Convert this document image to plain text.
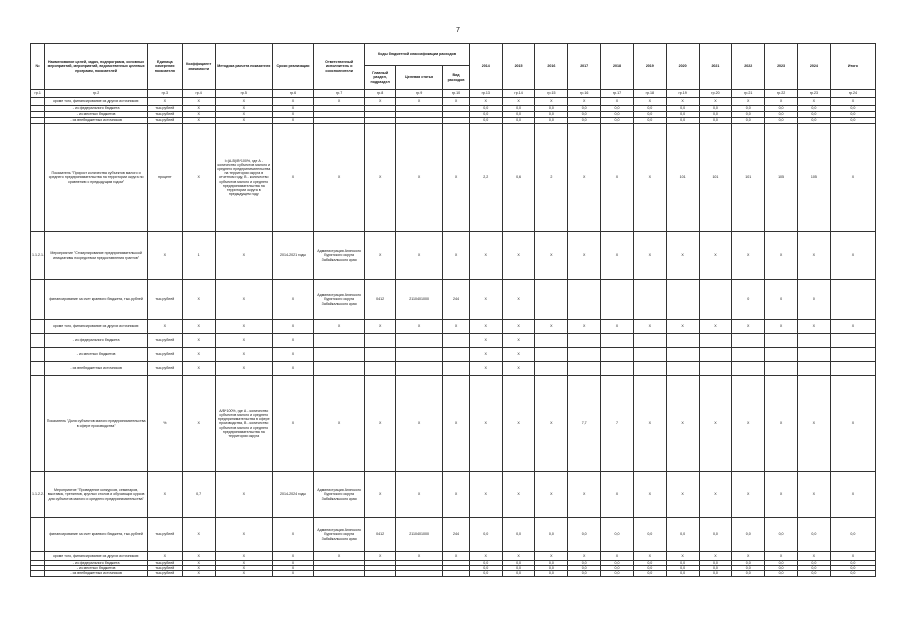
7
№	Наименование целей, задач, подпрограмм, основных мероприятий, мероприятий, ведомственных целевых программ, показателей	Единица измерения показателя	Коэффициент значимости	Методика расчета показателя	Сроки реализации	Ответственный исполнитель и соисполнители	Коды бюджетной классификации расходов			2014	2015	2016	2017	2018	2019	2020	2021	2022	2023	2024	Итого
							Главный раздел, подраздел	Целевая статья	Вид расходов												
гр.1	гр.2	гр.3	гр.4	гр.5	гр.6	гр.7	гр.8	гр.9	гр.10	гр.13	гр.14	гр.15	гр.16	гр.17	гр.18	гр.19	гр.20	гр.21	гр.22	гр.23	гр.24
	кроме того, финансирование из других источников:	X	X	X	X	X	X	X	X	X	X	X	X	X	X	X	X	X	X	X	X
	- из федерального бюджета	тыс.рублей	X	X	X					0,0	0,0	0,0	0,0	0,0	0,0	0,0	0,0	0,0	0,0	0,0	0,0
	- из местных бюджетов	тыс.рублей	X	X	X					0,0	0,0	0,0	0,0	0,0	0,0	0,0	0,0	0,0	0,0	0,0	0,0
	- из внебюджетных источников	тыс.рублей	X	X	X					0,0	0,0	0,0	0,0	0,0	0,0	0,0	0,0	0,0	0,0	0,0	0,0
	Показатель "Прирост количества субъектов малого и среднего предпринимательства на территории округа по сравнению с предыдущим годом"	процент	X	I=(A-B)/B*100%, где А - количество субъектов малого и среднего предпринимательства на территории округа в отчетном году, B - количество субъектов малого и среднего предпринимательства на территории округа в предыдущем году	X	X	X	X	X	2,2	0,6	2	X	X	X	101	101	101	105	105	X
1.1.2.1.	Мероприятие "Стимулирование предпринимательской инициативы посредством предоставления грантов"	X	1	X	2014-2021 годы	Администрация Агинского Бурятского округа Забайкальского края	X	X	X	X	X	X	X	X	X	X	X	X	X	X	X
	финансирование за счет краевого бюджета, тыс.рублей	тыс.рублей	X	X	X	Администрация Агинского Бурятского округа Забайкальского края	0412	2110401000	244	X	X							0	0	0	
	кроме того, финансирование из других источников:	X	X	X	X	X	X	X	X	X	X	X	X	X	X	X	X	X	X	X	X
	- из федерального бюджета	тыс.рублей	X	X	X					X	X										
	- из местных бюджетов	тыс.рублей	X	X	X					X	X										
	- из внебюджетных источников	тыс.рублей	X	X	X					X	X										
	Показатель "Доля субъектов малого предпринимательства в сфере производства"	%	X	A/B*100%, где А - количество субъектов малого и среднего предпринимательства в сфере производства, B - количество субъектов малого и среднего предпринимательства на территории округа	X	X	X	X	X	X	X	X	7,7	7	X	X	X	X	X	X	X
1.1.2.2.	Мероприятие "Проведение конкурсов, семинаров, выставок, тренингов, круглых столов и обучающих курсов для субъектов малого и среднего предпринимательства"	X	0,7	X	2014-2024 годы	Администрация Агинского Бурятского округа Забайкальского края	X	X	X	X	X	X	X	X	X	X	X	X	X	X	X
	финансирование за счет краевого бюджета, тыс.рублей	тыс.рублей	X	X	X	Администрация Агинского Бурятского округа Забайкальского края	0412	2110401000	244	0,0	0,0	0,0	0,0	0,0	0,0	0,0	0,0	0,0	0,0	0,0	0,0
	кроме того, финансирование из других источников:	X	X	X	X	X	X	X	X	X	X	X	X	X	X	X	X	X	X	X	X
	- из федерального бюджета	тыс.рублей	X	X	X					0,0	0,0	0,0	0,0	0,0	0,0	0,0	0,0	0,0	0,0	0,0	0,0
	- из местных бюджетов	тыс.рублей	X	X	X					0,0	0,0	0,0	0,0	0,0	0,0	0,0	0,0	0,0	0,0	0,0	0,0
	- из внебюджетных источников	тыс.рублей	X	X	X					0,0	0,0	0,0	0,0	0,0	0,0	0,0	0,0	0,0	0,0	0,0	0,0
